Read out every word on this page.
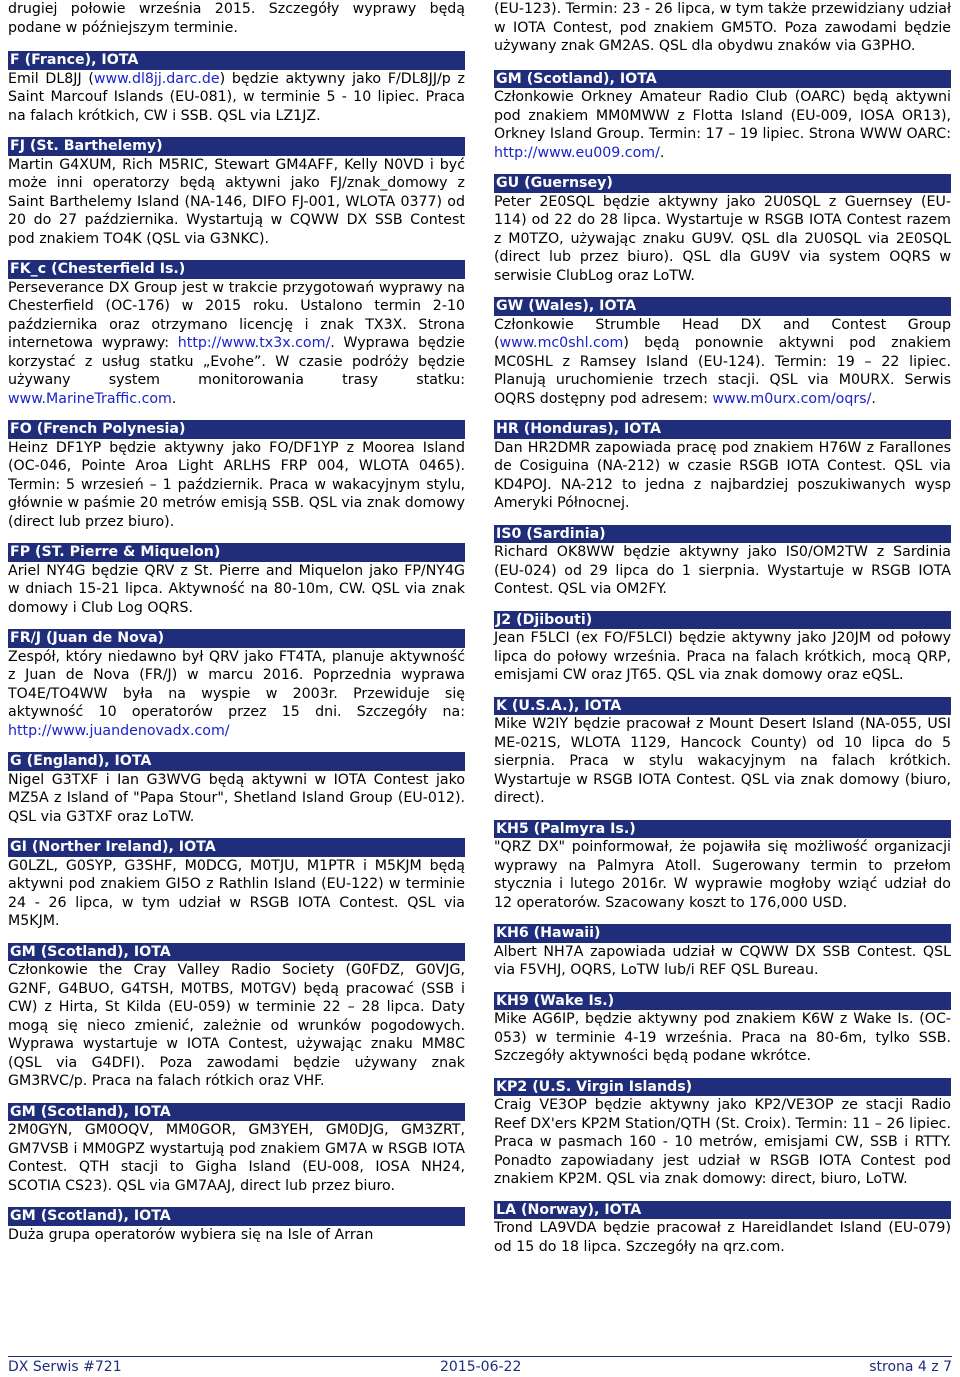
drugiej połowie września 2015. Szczegóły wyprawy będą podane w późniejszym terminie.

F (France), IOTA

Emil DL8JJ (www.dl8jj.darc.de) będzie aktywny jako F/DL8JJ/p z Saint Marcouf Islands (EU-081), w terminie 5 - 10 lipiec. Praca na falach krótkich, CW i SSB. QSL via LZ1JZ.

FJ (St. Barthelemy)

Martin G4XUM, Rich M5RIC, Stewart GM4AFF, Kelly N0VD i być może inni operatorzy będą aktywni jako FJ/znak_domowy z Saint Barthelemy Island (NA-146, DIFO FJ-001, WLOTA 0377) od 20 do 27 października. Wystartują w CQWW DX SSB Contest pod znakiem TO4K (QSL via G3NKC).

FK_c (Chesterfield Is.)

Perseverance DX Group jest w trakcie przygotowań wyprawy na Chesterfield (OC-176) w 2015 roku. Ustalono termin 2-10 października oraz otrzymano licencję i znak TX3X. Strona internetowa wyprawy: http://www.tx3x.com/. Wyprawa będzie korzystać z usług statku „Evohe”. W czasie podróży będzie używany system monitorowania trasy statku: www.MarineTraffic.com.

FO (French Polynesia)

Heinz DF1YP będzie aktywny jako FO/DF1YP z Moorea Island (OC-046, Pointe Aroa Light ARLHS FRP 004, WLOTA 0465). Termin: 5 wrzesień – 1 październik. Praca w wakacyjnym stylu, głównie w paśmie 20 metrów emisją SSB. QSL via znak domowy (direct lub przez biuro).

FP (ST. Pierre & Miquelon)

Ariel NY4G będzie QRV z St. Pierre and Miquelon jako FP/NY4G w dniach 15-21 lipca. Aktywność na 80-10m, CW. QSL via znak domowy i Club Log OQRS.

FR/J (Juan de Nova)

Zespół, który niedawno był QRV jako FT4TA, planuje aktywność z Juan de Nova (FR/J) w marcu 2016. Poprzednia wyprawa TO4E/TO4WW była na wyspie w 2003r. Przewiduje się aktywność 10 operatorów przez 15 dni. Szczegóły na: http://www.juandenovadx.com/

G (England), IOTA

Nigel G3TXF i Ian G3WVG będą aktywni w IOTA Contest jako MZ5A z Island of "Papa Stour", Shetland Island Group (EU-012). QSL via G3TXF oraz LoTW.

GI (Norther Ireland), IOTA

G0LZL, G0SYP, G3SHF, M0DCG, M0TJU, M1PTR i M5KJM będą aktywni pod znakiem GI5O z Rathlin Island (EU-122) w terminie 24 - 26 lipca, w tym udział w RSGB IOTA Contest. QSL via M5KJM.

GM (Scotland), IOTA

Członkowie the Cray Valley Radio Society (G0FDZ, G0VJG, G2NF, G4BUO, G4TSH, M0TBS, M0TGV) będą pracować (SSB i CW) z Hirta, St Kilda (EU-059) w terminie 22 – 28 lipca. Daty mogą się nieco zmienić, zależnie od wrunków pogodowych. Wyprawa wystartuje w IOTA Contest, używając znaku MM8C (QSL via G4DFI). Poza zawodami będzie używany znak GM3RVC/p. Praca na falach rótkich oraz VHF.

GM (Scotland), IOTA

2M0GYN, GM0OQV, MM0GOR, GM3YEH, GM0DJG, GM3ZRT, GM7VSB i MM0GPZ wystartują pod znakiem GM7A w RSGB IOTA Contest. QTH stacji to Gigha Island (EU-008, IOSA NH24, SCOTIA CS23). QSL via GM7AAJ, direct lub przez biuro.

GM (Scotland), IOTA

Duża grupa operatorów wybiera się na Isle of Arran

(EU-123). Termin: 23 - 26 lipca, w tym także przewidziany udział w IOTA Contest, pod znakiem GM5TO. Poza zawodami będzie używany znak GM2AS. QSL dla obydwu znaków via G3PHO.

GM (Scotland), IOTA

Członkowie Orkney Amateur Radio Club (OARC) będą aktywni pod znakiem MM0MWW z Flotta Island (EU-009, IOSA OR13), Orkney Island Group. Termin: 17 – 19 lipiec. Strona WWW OARC: http://www.eu009.com/.

GU (Guernsey)

Peter 2E0SQL będzie aktywny jako 2U0SQL z Guernsey (EU-114) od 22 do 28 lipca. Wystartuje w RSGB IOTA Contest razem z M0TZO, używając znaku GU9V. QSL dla 2U0SQL via 2E0SQL (direct lub przez biuro). QSL dla GU9V via system OQRS w serwisie ClubLog oraz LoTW.

GW (Wales), IOTA

Członkowie Strumble Head DX and Contest Group (www.mc0shl.com) będą ponownie aktywni pod znakiem MC0SHL z Ramsey Island (EU-124). Termin: 19 – 22 lipiec. Planują uruchomienie trzech stacji. QSL via M0URX. Serwis OQRS dostępny pod adresem: www.m0urx.com/oqrs/.

HR (Honduras), IOTA

Dan HR2DMR zapowiada pracę pod znakiem H76W z Farallones de Cosiguina (NA-212) w czasie RSGB IOTA Contest. QSL via KD4POJ. NA-212 to jedna z najbardziej poszukiwanych wysp Ameryki Północnej.

IS0 (Sardinia)

Richard OK8WW będzie aktywny jako IS0/OM2TW z Sardinia (EU-024) od 29 lipca do 1 sierpnia. Wystartuje w RSGB IOTA Contest. QSL via OM2FY.

J2 (Djibouti)

Jean F5LCI (ex FO/F5LCI) będzie aktywny jako J20JM od połowy lipca do połowy września. Praca na falach krótkich, mocą QRP, emisjami CW oraz JT65. QSL via znak domowy oraz eQSL.

K (U.S.A.), IOTA

Mike W2IY będzie pracował z Mount Desert Island (NA-055, USI ME-021S, WLOTA 1129, Hancock County) od 10 lipca do 5 sierpnia. Praca w stylu wakacyjnym na falach krótkich. Wystartuje w RSGB IOTA Contest. QSL via znak domowy (biuro, direct).

KH5 (Palmyra Is.)

"QRZ DX" poinformował, że pojawiła się możliwość organizacji wyprawy na Palmyra Atoll. Sugerowany termin to przełom stycznia i lutego 2016r. W wyprawie mogłoby wziąć udział do 12 operatorów. Szacowany koszt to 176,000 USD.

KH6 (Hawaii)

Albert NH7A zapowiada udział w CQWW DX SSB Contest. QSL via F5VHJ, OQRS, LoTW lub/i REF QSL Bureau.

KH9 (Wake Is.)

Mike AG6IP, będzie aktywny pod znakiem K6W z Wake Is. (OC-053) w terminie 4-19 września. Praca na 80-6m, tylko SSB. Szczegóły aktywności będą podane wkrótce.

KP2 (U.S. Virgin Islands)

Craig VE3OP będzie aktywny jako KP2/VE3OP ze stacji Radio Reef DX'ers KP2M Station/QTH (St. Croix). Termin: 11 – 26 lipiec. Praca w pasmach 160 - 10 metrów, emisjami CW, SSB i RTTY. Ponadto zapowiadany jest udział w RSGB IOTA Contest pod znakiem KP2M. QSL via znak domowy: direct, biuro, LoTW.

LA (Norway), IOTA

Trond LA9VDA będzie pracował z Hareidlandet Island (EU-079) od 15 do 18 lipca. Szczegóły na qrz.com.

DX Serwis #721	2015-06-22	strona 4 z 7
